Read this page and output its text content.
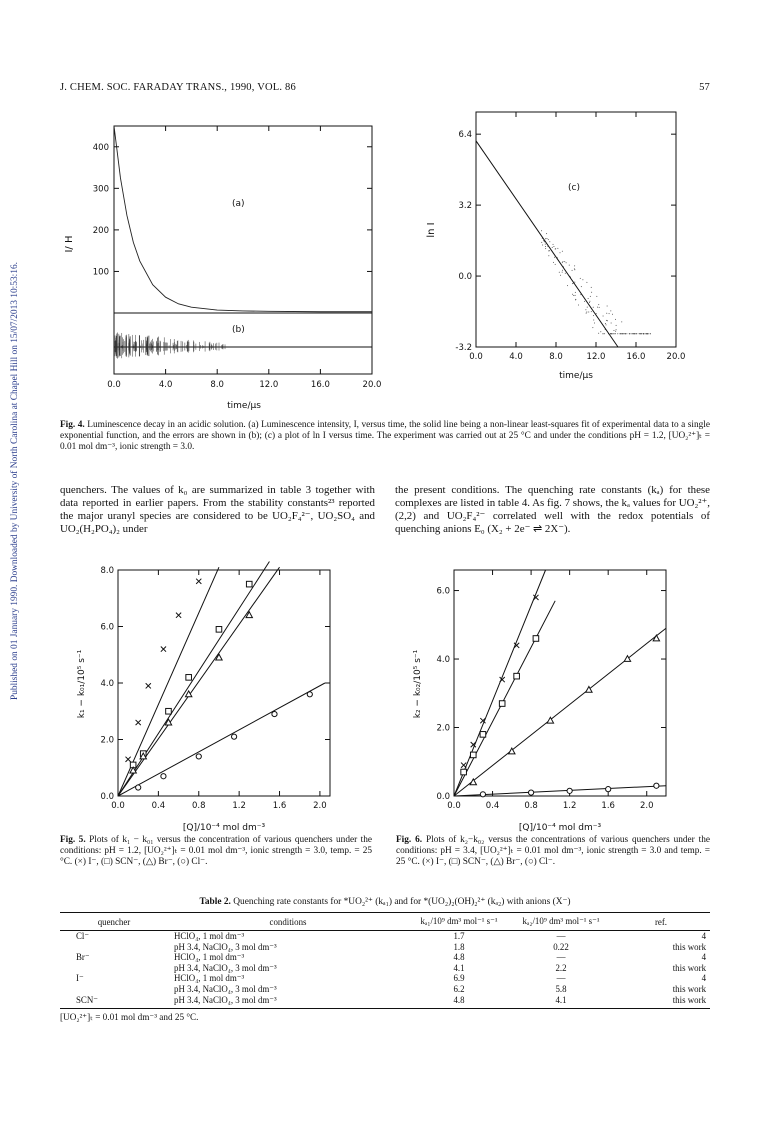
Published on 01 January 1990. Downloaded by University of North Carolina at Chapel Hill on 15/07/2013 10:53:16.
J. CHEM. SOC. FARADAY TRANS., 1990, VOL. 86	57
0.0	4.0	8.0	12.0	16.0	20.0
100
200
300
400
(a)
(b)
I/ H
time/μs
0.0	4.0	8.0	12.0 16.0 20.0
-3.2
0.0
3.2
6.4
(c)
ln I
time/μs
Fig. 4. Luminescence decay in an acidic solution. (a) Luminescence intensity, I, versus time, the solid line being a non-linear least-squares fit of experimental data to a single exponential function, and the errors are shown in (b); (c) a plot of ln I versus time. The experiment was carried out at 25 °C and under the conditions pH = 1.2, [UO₂²⁺]ₜ = 0.01 mol dm⁻³, ionic strength = 3.0.
quenchers. The values of k₀ are summarized in table 3 together with data reported in earlier papers. From the stability constants²³ reported the major uranyl species are considered to be UO₂F₄²⁻, UO₂SO₄ and UO₂(H₂PO₄)₂ under
the present conditions. The quenching rate constants (kₐ) for these complexes are listed in table 4. As fig. 7 shows, the kₐ values for UO₂²⁺, (2,2) and UO₂F₄²⁻ correlated well with the redox potentials of quenching anions E₀ (X₂ + 2e⁻ ⇌ 2X⁻).
0.0	0.4	0.8	1.2	1.6	2.0
0.0
2.0
4.0
6.0
8.0
k₁ − k₀₁/10⁵ s⁻¹
[Q]/10⁻⁴ mol dm⁻³
0.0	0.4	0.8	1.2	1.6	2.0
0.0
2.0
4.0
6.0
k₂ − k₀₂/10⁵ s⁻¹
[Q]/10⁻⁴ mol dm⁻³
Fig. 5. Plots of k₁ − k₀₁ versus the concentration of various quenchers under the conditions: pH = 1.2, [UO₂²⁺]ₜ = 0.01 mol dm⁻³, ionic strength = 3.0, temp. = 25 °C. (×) I⁻, (□) SCN⁻, (△) Br⁻, (○) Cl⁻.
Fig. 6. Plots of k₂−k₀₂ versus the concentrations of various quenchers under the conditions: pH = 3.4, [UO₂²⁺]ₜ = 0.01 mol dm⁻³, ionic strength = 3.0 and temp. = 25 °C. (×) I⁻, (□) SCN⁻, (△) Br⁻, (○) Cl⁻.
Table 2. Quenching rate constants for *UO₂²⁺ (kₐ₁) and for *(UO₂)₂(OH)₂²⁺ (kₐ₂) with anions (X⁻)
quencher	conditions	kₐ₁/10⁹ dm³ mol⁻¹ s⁻¹	kₐ₂/10⁹ dm³ mol⁻¹ s⁻¹	ref.
Cl⁻	HClO₄, 1 mol dm⁻³	1.7	—	4
	pH 3.4, NaClO₄, 3 mol dm⁻³	1.8	0.22	this work
Br⁻	HClO₄, 1 mol dm⁻³	4.8	—	4
	pH 3.4, NaClO₄, 3 mol dm⁻³	4.1	2.2	this work
I⁻	HClO₄, 1 mol dm⁻³	6.9	—	4
	pH 3.4, NaClO₄, 3 mol dm⁻³	6.2	5.8	this work
SCN⁻	pH 3.4, NaClO₄, 3 mol dm⁻³	4.8	4.1	this work
[UO₂²⁺]ₜ = 0.01 mol dm⁻³ and 25 °C.
